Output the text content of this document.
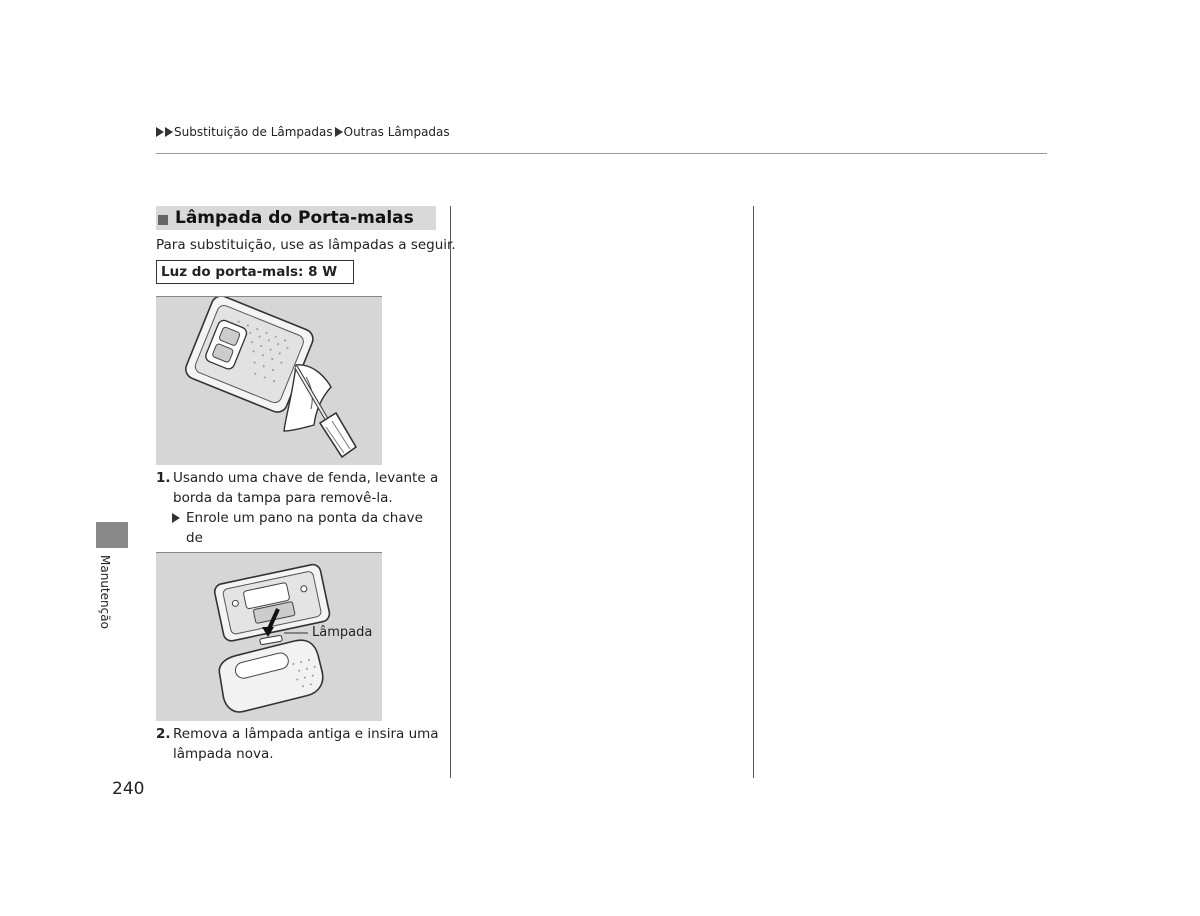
Substituição de Lâmpadas Outras Lâmpadas
Lâmpada do Porta-malas
Para substituição, use as lâmpadas a seguir.
Luz do porta-mals: 8 W
1. Usando uma chave de fenda, levante a
borda da tampa para removê-la.
Enrole um pano na ponta da chave de
Lâmpada
2. Remova a lâmpada antiga e insira uma
lâmpada nova.
Manutenção
240
